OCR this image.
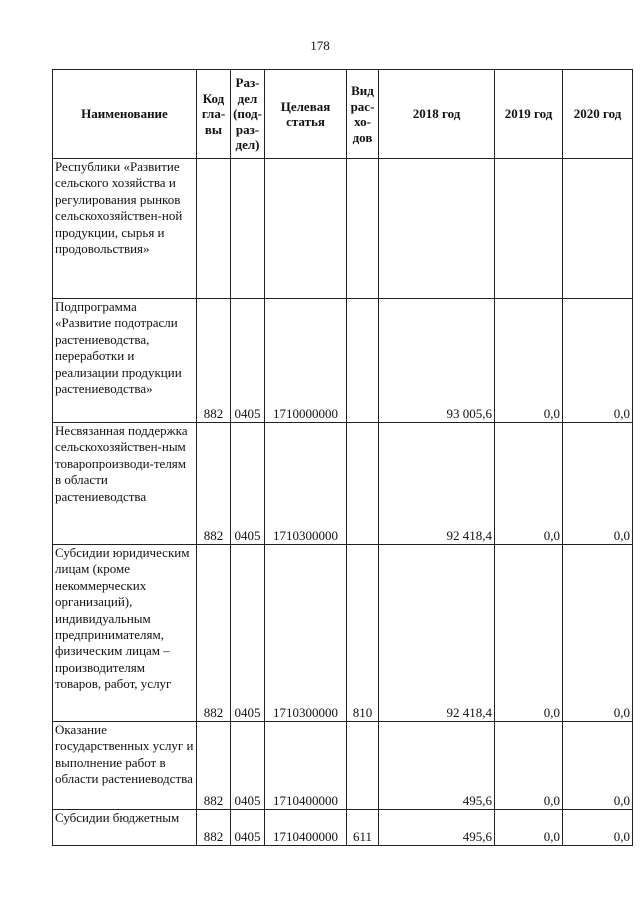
178
Наименование	Код гла-вы	Раз-дел (под-раз-дел)	Целевая статья	Вид рас-хо-дов	2018 год	2019 год	2020 год
Республики «Развитие сельского хозяйства и регулирования рынков сельскохозяйствен-ной продукции, сырья и продовольствия»							
Подпрограмма «Развитие подотрасли растениеводства, переработки и реализации продукции растениеводства»	882	0405	1710000000		93 005,6	0,0	0,0
Несвязанная поддержка сельскохозяйствен-ным товаропроизводи-телям в области растениеводства	882	0405	1710300000		92 418,4	0,0	0,0
Субсидии юридическим лицам (кроме некоммерческих организаций), индивидуальным предпринимателям, физическим лицам – производителям товаров, работ, услуг	882	0405	1710300000	810	92 418,4	0,0	0,0
Оказание государственных услуг и выполнение работ в области растениеводства	882	0405	1710400000		495,6	0,0	0,0
Субсидии бюджетным	882	0405	1710400000	611	495,6	0,0	0,0
